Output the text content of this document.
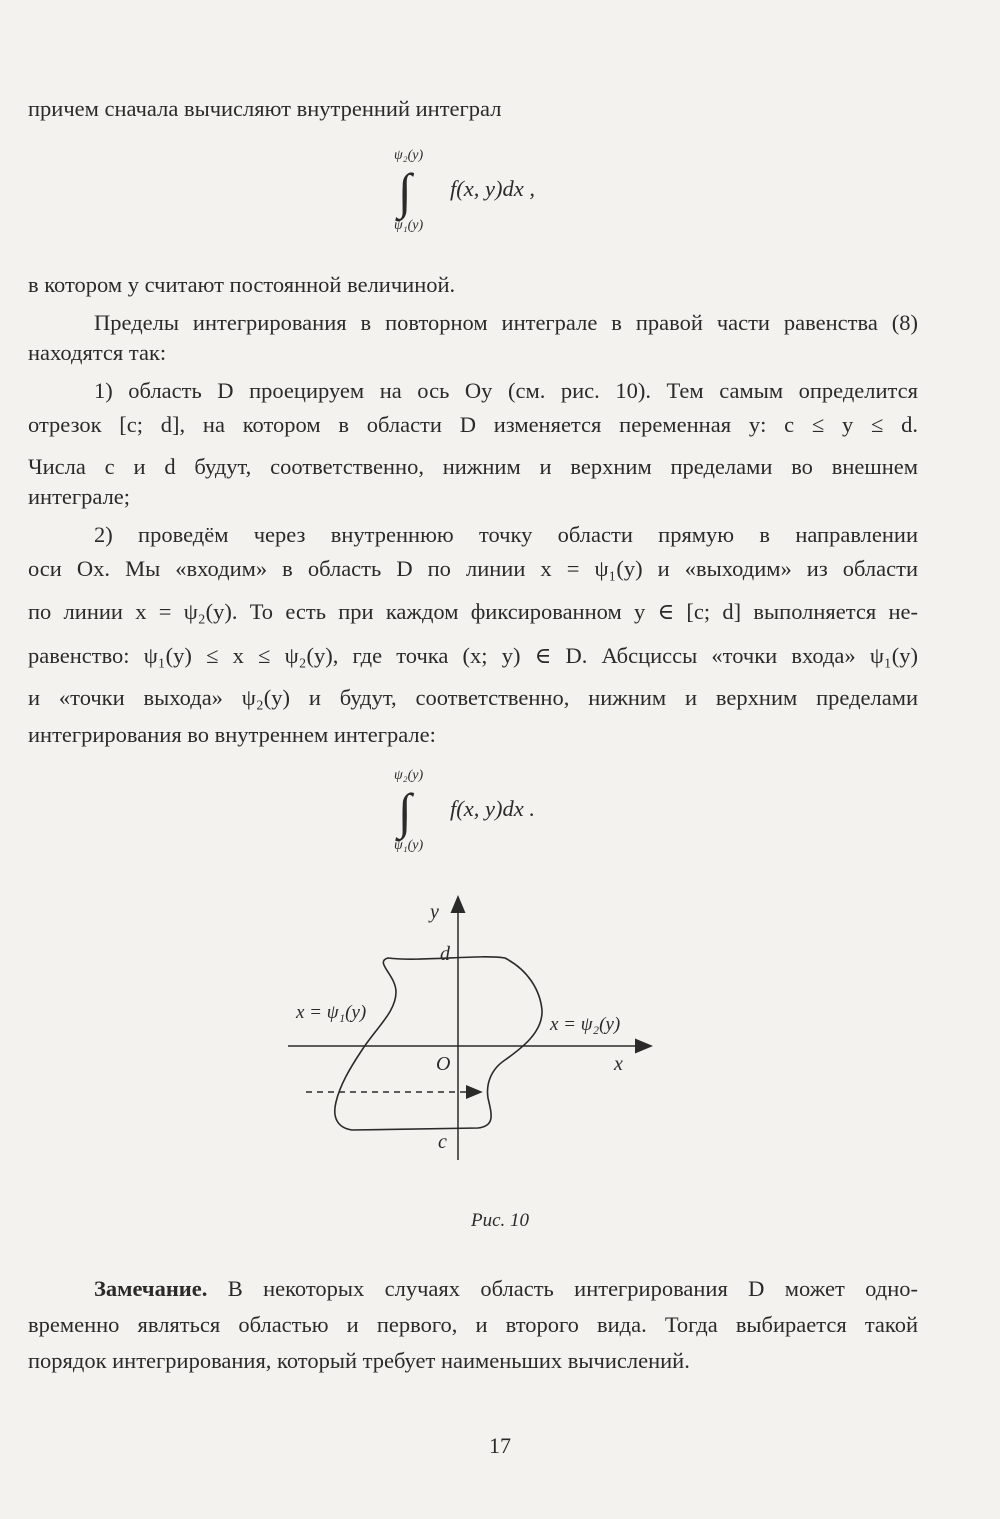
причем сначала вычисляют внутренний интеграл
ψ₂(y)
∫
ψ₁(y)
f(x, y)dx ,
в котором y считают постоянной величиной.
Пределы интегрирования в повторном интеграле в правой части равенства (8)
находятся так:
1) область D проецируем на ось Oy (см. рис. 10). Тем самым определится
отрезок [c; d], на котором в области D изменяется переменная y: c ≤ y ≤ d.
Числа c и d будут, соответственно, нижним и верхним пределами во внешнем
интеграле;
2) проведём через внутреннюю точку области прямую в направлении
оси Ox. Мы «входим» в область D по линии x = ψ₁(y) и «выходим» из области
по линии x = ψ₂(y). То есть при каждом фиксированном y ∈ [c; d] выполняется не-
равенство: ψ₁(y) ≤ x ≤ ψ₂(y), где точка (x; y) ∈ D. Абсциссы «точки входа» ψ₁(y)
и «точки выхода» ψ₂(y) и будут, соответственно, нижним и верхним пределами
интегрирования во внутреннем интеграле:
ψ₂(y)
∫
ψ₁(y)
f(x, y)dx .
y
d
x = ψ₁(y)
x = ψ₂(y)
O	x
c
Рис. 10
Замечание. В некоторых случаях область интегрирования D может одно-
временно являться областью и первого, и второго вида. Тогда выбирается такой
порядок интегрирования, который требует наименьших вычислений.
17
